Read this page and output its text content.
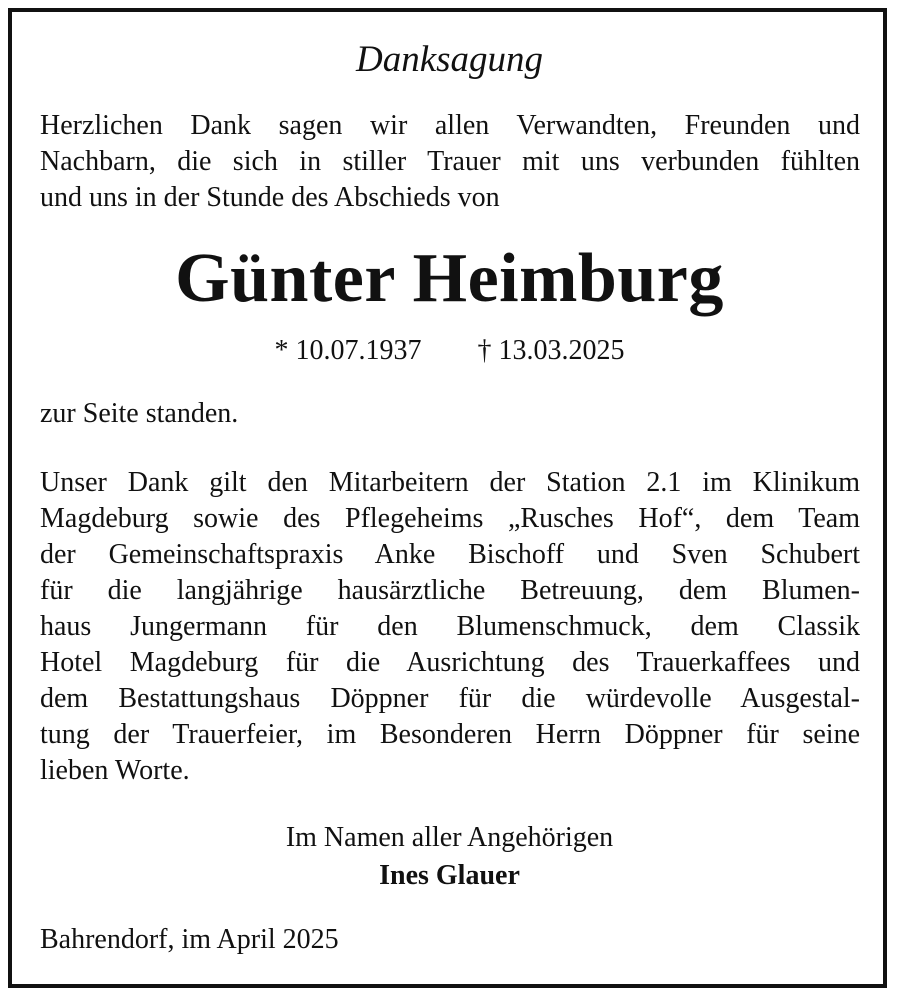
Danksagung
Herzlichen Dank sagen wir allen Verwandten, Freunden und
Nachbarn, die sich in stiller Trauer mit uns verbunden fühlten
und uns in der Stunde des Abschieds von
Günter Heimburg
* 10.07.1937 † 13.03.2025
zur Seite standen.
Unser Dank gilt den Mitarbeitern der Station 2.1 im Klinikum
Magdeburg sowie des Pflegeheims „Rusches Hof“, dem Team
der Gemeinschaftspraxis Anke Bischoff und Sven Schubert
für die langjährige hausärztliche Betreuung, dem Blumen-
haus Jungermann für den Blumenschmuck, dem Classik
Hotel Magdeburg für die Ausrichtung des Trauerkaffees und
dem Bestattungshaus Döppner für die würdevolle Ausgestal-
tung der Trauerfeier, im Besonderen Herrn Döppner für seine
lieben Worte.
Im Namen aller Angehörigen
Ines Glauer
Bahrendorf, im April 2025
